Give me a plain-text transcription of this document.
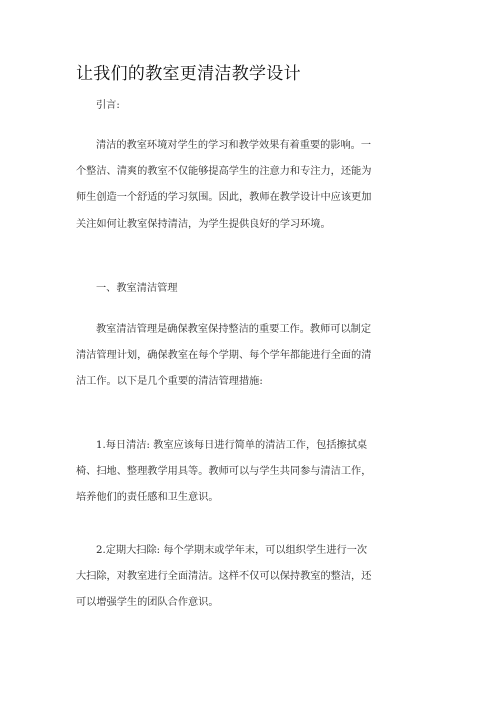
让我们的教室更清洁教学设计

引言:

清洁的教室环境对学生的学习和教学效果有着重要的影响。一
个整洁、清爽的教室不仅能够提高学生的注意力和专注力，还能为
师生创造一个舒适的学习氛围。因此，教师在教学设计中应该更加
关注如何让教室保持清洁，为学生提供良好的学习环境。

一、教室清洁管理

教室清洁管理是确保教室保持整洁的重要工作。教师可以制定
清洁管理计划，确保教室在每个学期、每个学年都能进行全面的清
洁工作。以下是几个重要的清洁管理措施:

1.每日清洁: 教室应该每日进行简单的清洁工作，包括擦拭桌
椅、扫地、整理教学用具等。教师可以与学生共同参与清洁工作，
培养他们的责任感和卫生意识。

2.定期大扫除: 每个学期末或学年末，可以组织学生进行一次
大扫除，对教室进行全面清洁。这样不仅可以保持教室的整洁，还
可以增强学生的团队合作意识。
